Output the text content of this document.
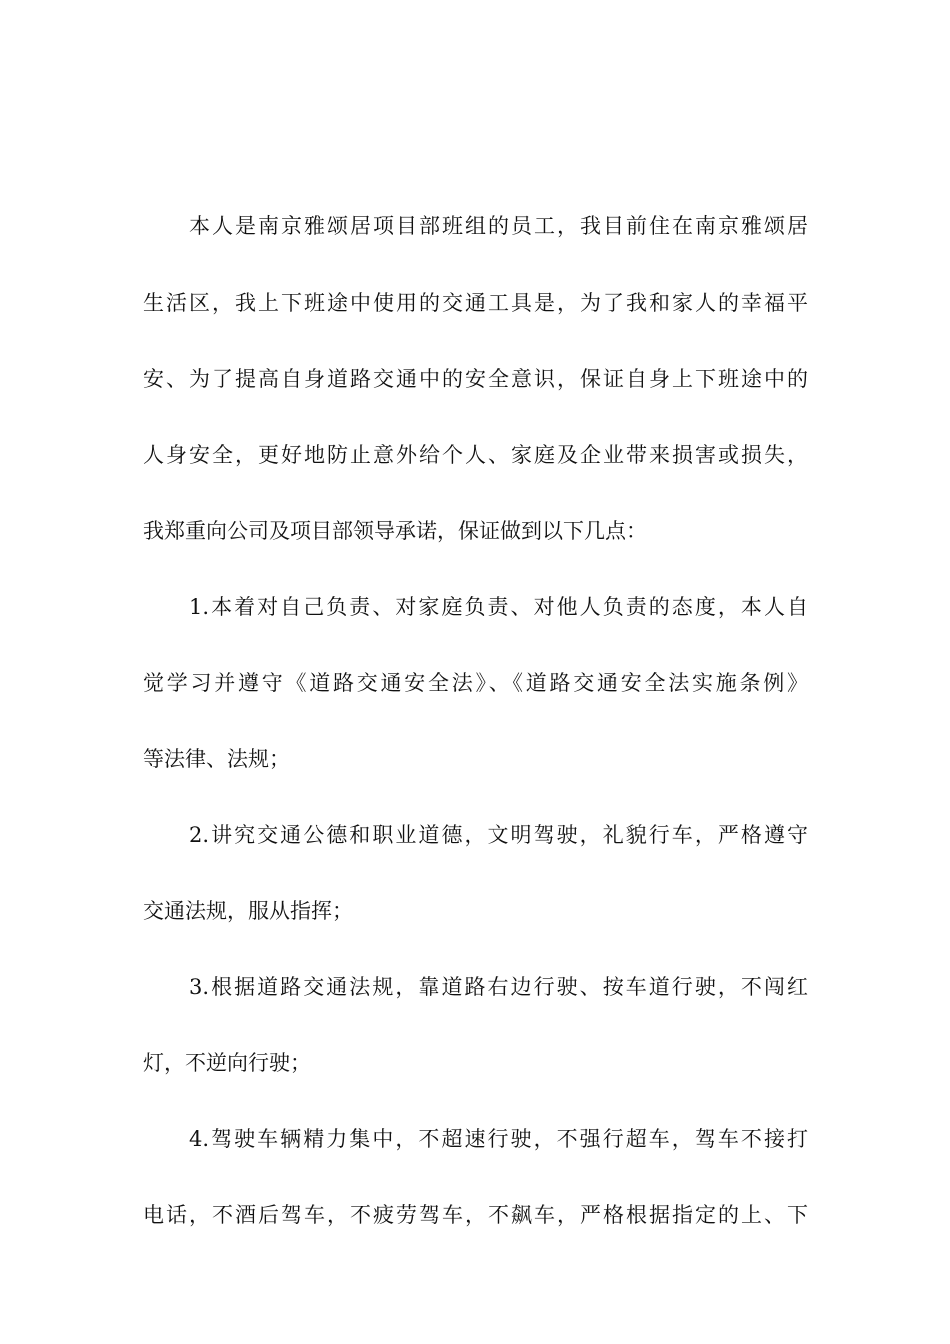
本人是南京雅颂居项目部班组的员工，我目前住在南京雅颂居
生活区，我上下班途中使用的交通工具是，为了我和家人的幸福平
安、为了提高自身道路交通中的安全意识，保证自身上下班途中的
人身安全，更好地防止意外给个人、家庭及企业带来损害或损失，
我郑重向公司及项目部领导承诺，保证做到以下几点：
1.本着对自己负责、对家庭负责、对他人负责的态度，本人自
觉学习并遵守《道路交通安全法》、《道路交通安全法实施条例》
等法律、法规；
2.讲究交通公德和职业道德，文明驾驶，礼貌行车，严格遵守
交通法规，服从指挥；
3.根据道路交通法规，靠道路右边行驶、按车道行驶，不闯红
灯，不逆向行驶；
4.驾驶车辆精力集中，不超速行驶，不强行超车，驾车不接打
电话，不酒后驾车，不疲劳驾车，不飙车，严格根据指定的上、下
